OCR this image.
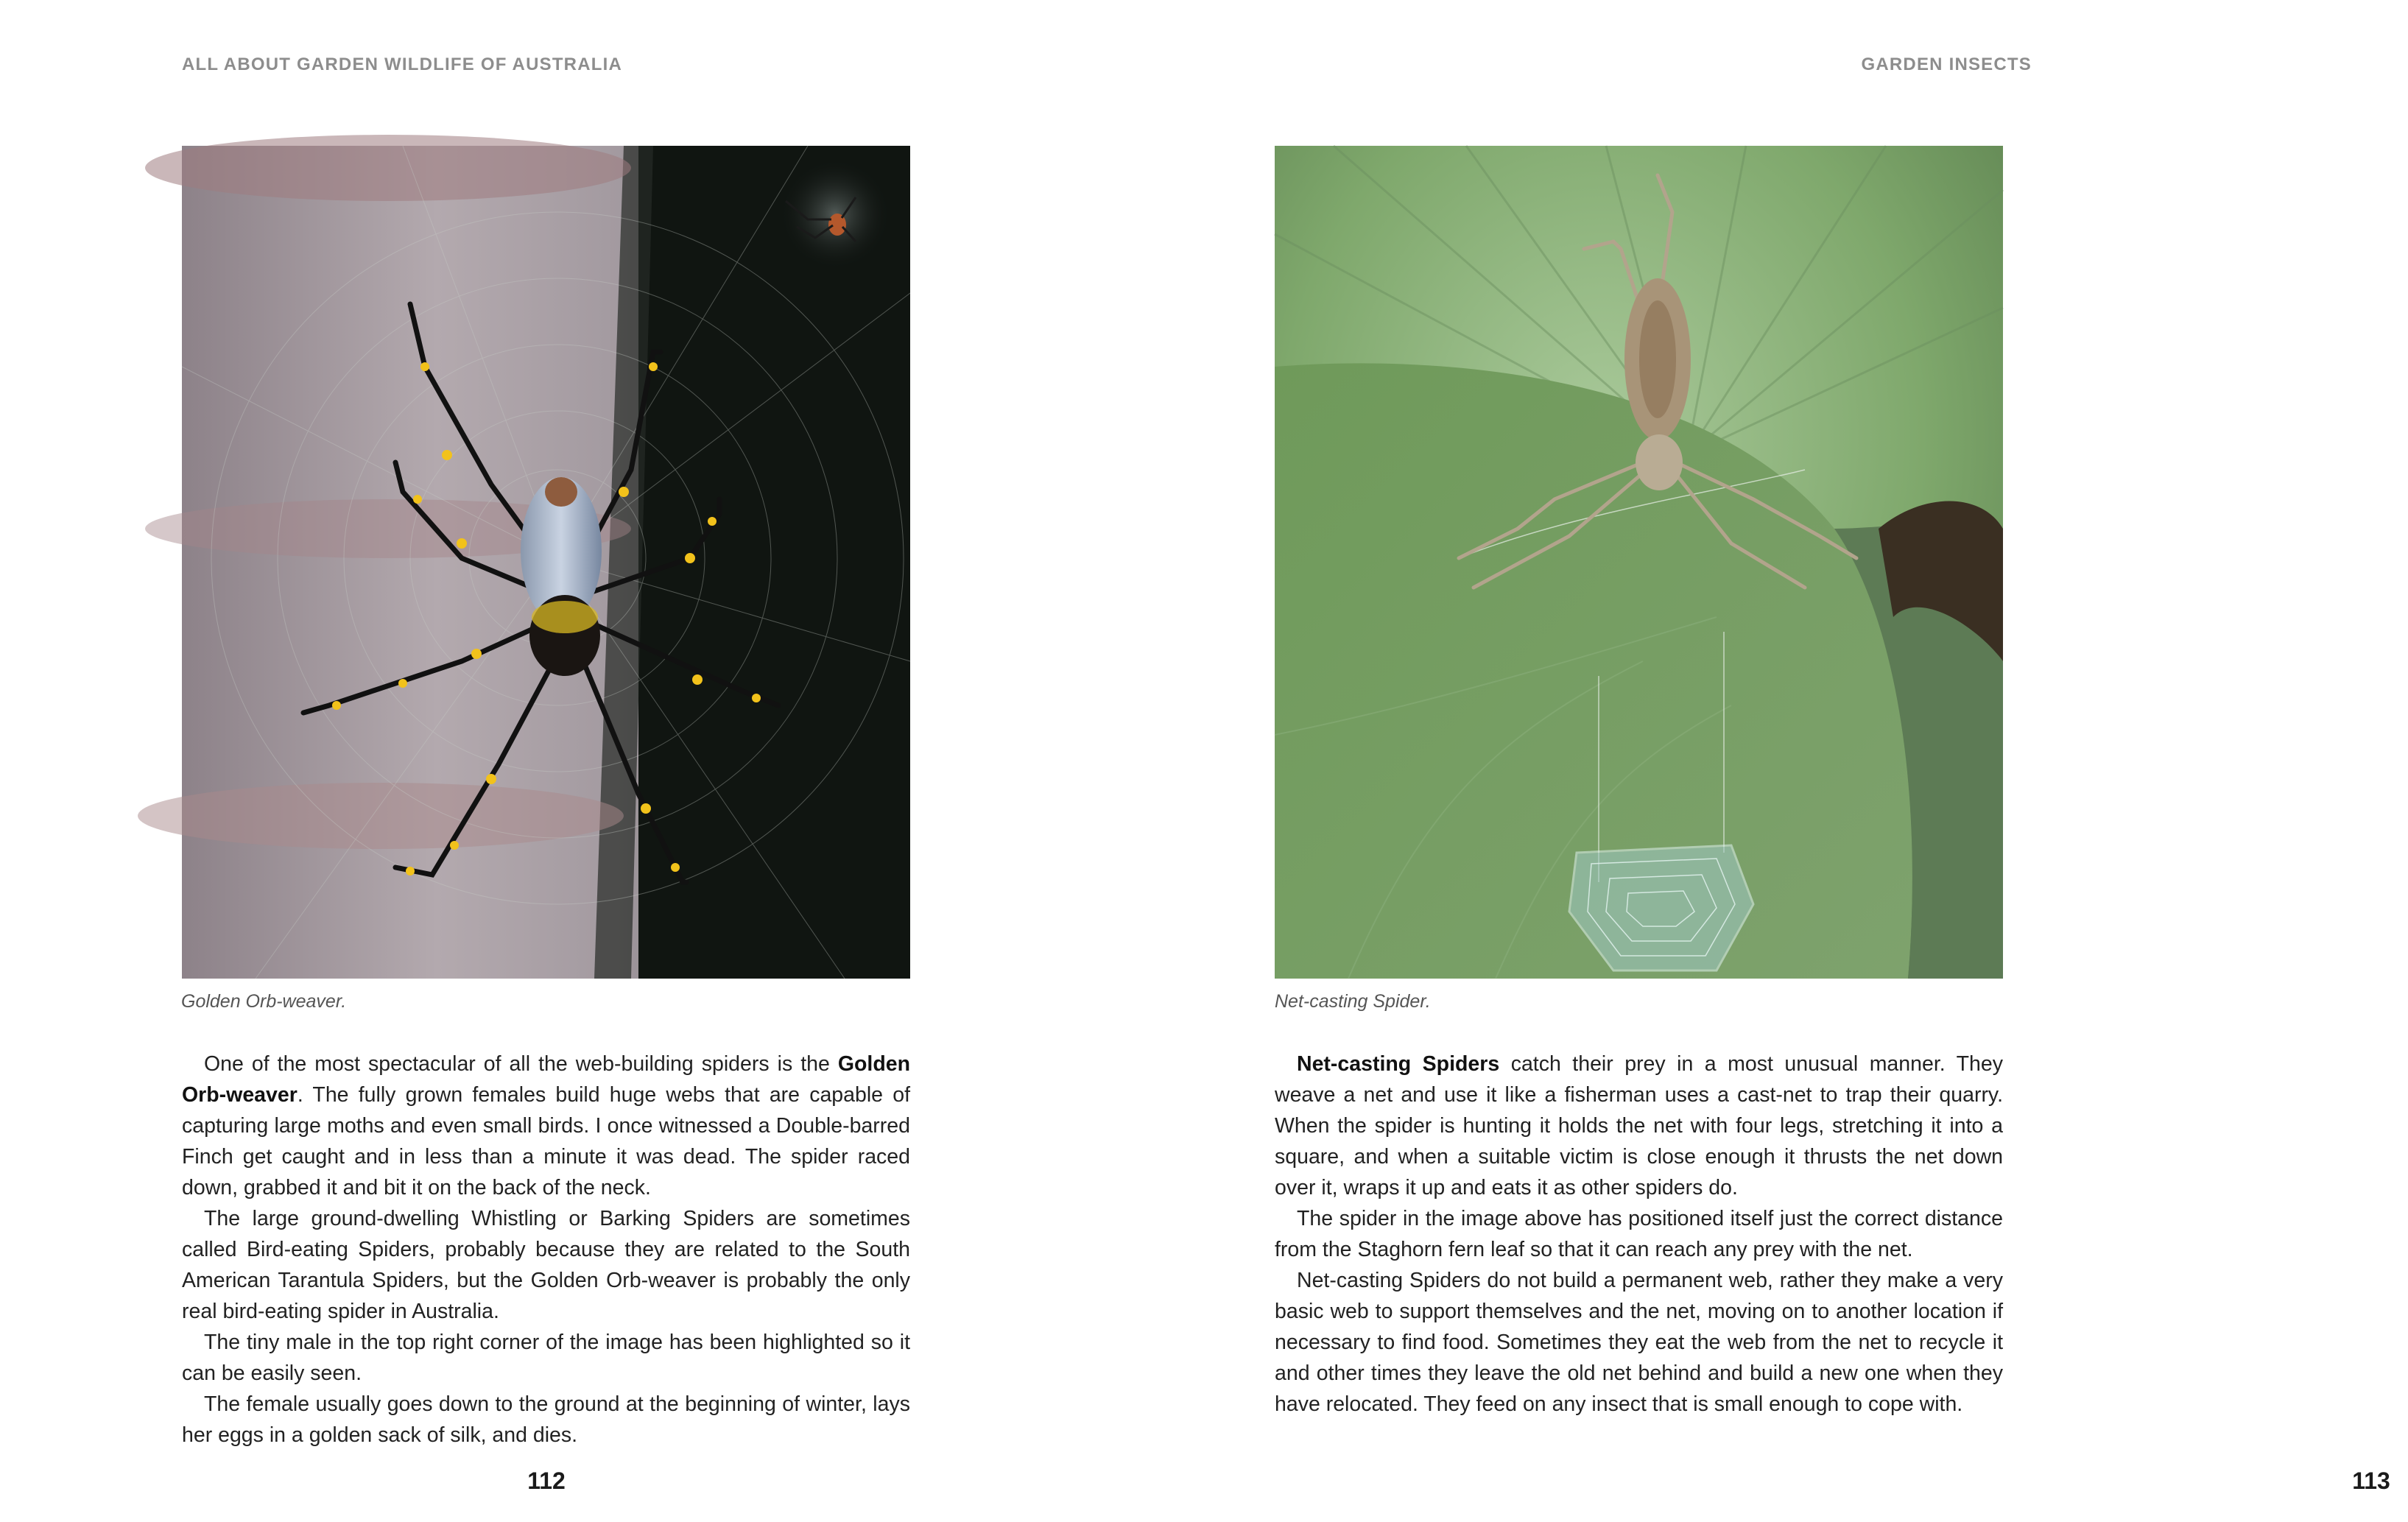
ALL ABOUT GARDEN WILDLIFE OF AUSTRALIA
Golden Orb-weaver.

One of the most spectacular of all the web-building spiders is the Golden Orb-weaver. The fully grown females build huge webs that are capable of capturing large moths and even small birds. I once witnessed a Double-barred Finch get caught and in less than a minute it was dead. The spider raced down, grabbed it and bit it on the back of the neck.

The large ground-dwelling Whistling or Barking Spiders are sometimes called Bird-eating Spiders, probably because they are related to the South American Tarantula Spiders, but the Golden Orb-weaver is probably the only real bird-eating spider in Australia.

The tiny male in the top right corner of the image has been highlighted so it can be easily seen.

The female usually goes down to the ground at the beginning of winter, lays her eggs in a golden sack of silk, and dies.

112
GARDEN INSECTS
Net-casting Spider.

Net-casting Spiders catch their prey in a most unusual manner. They weave a net and use it like a fisherman uses a cast-net to trap their quarry. When the spider is hunting it holds the net with four legs, stretching it into a square, and when a suitable victim is close enough it thrusts the net down over it, wraps it up and eats it as other spiders do.

The spider in the image above has positioned itself just the correct distance from the Staghorn fern leaf so that it can reach any prey with the net.

Net-casting Spiders do not build a permanent web, rather they make a very basic web to support themselves and the net, moving on to another location if necessary to find food. Sometimes they eat the web from the net to recycle it and other times they leave the old net behind and build a new one when they have relocated. They feed on any insect that is small enough to cope with.

113
